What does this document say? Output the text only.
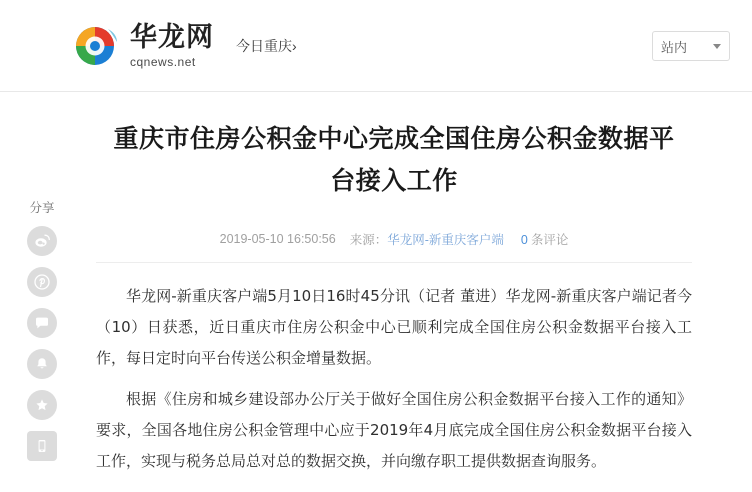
华龙网
cqnews.net
今日重庆›	站内
分享
重庆市住房公积金中心完成全国住房公积金数据平台接入工作
2019-05-10 16:50:56 来源：华龙网-新重庆客户端 0 条评论

华龙网-新重庆客户端5月10日16时45分讯（记者 董进）华龙网-新重庆客户端记者今（10）日获悉，近日重庆市住房公积金中心已顺利完成全国住房公积金数据平台接入工作，每日定时向平台传送公积金增量数据。

根据《住房和城乡建设部办公厅关于做好全国住房公积金数据平台接入工作的通知》要求，全国各地住房公积金管理中心应于2019年4月底完成全国住房公积金数据平台接入工作，实现与税务总局总对总的数据交换，并向缴存职工提供数据查询服务。
